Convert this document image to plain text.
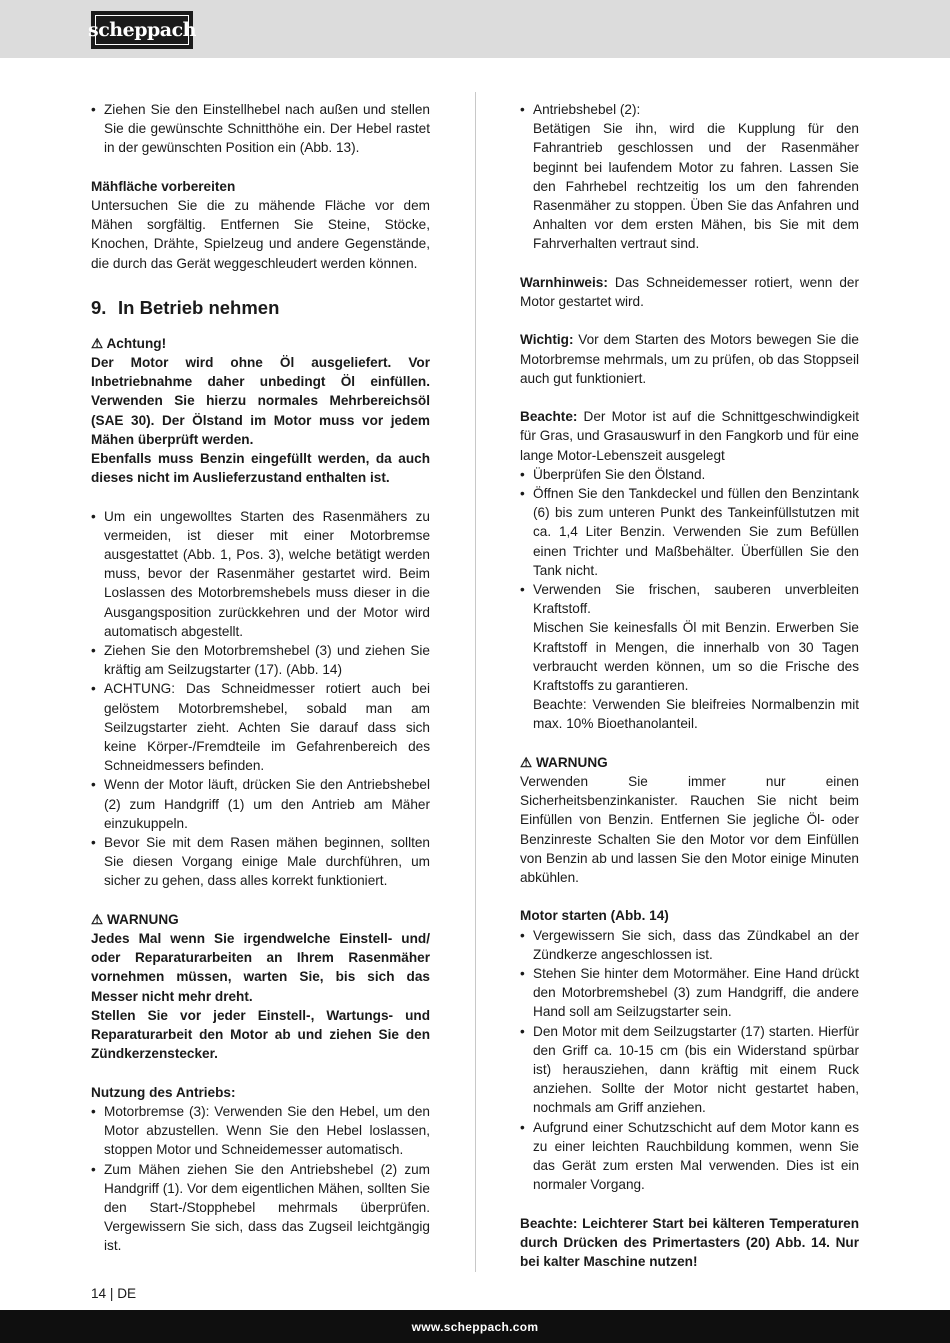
scheppach
• Ziehen Sie den Einstellhebel nach außen und stellen Sie die gewünschte Schnitthöhe ein. Der Hebel rastet in der gewünschten Position ein (Abb. 13).

Mähfläche vorbereiten

Untersuchen Sie die zu mähende Fläche vor dem Mähen sorgfältig. Entfernen Sie Steine, Stöcke, Knochen, Drähte, Spielzeug und andere Gegenstände, die durch das Gerät weggeschleudert werden können.

9. In Betrieb nehmen

⚠ Achtung!

Der Motor wird ohne Öl ausgeliefert. Vor Inbetriebnahme daher unbedingt Öl einfüllen. Verwenden Sie hierzu normales Mehrbereichsöl (SAE 30). Der Ölstand im Motor muss vor jedem Mähen überprüft werden.

Ebenfalls muss Benzin eingefüllt werden, da auch dieses nicht im Auslieferzustand enthalten ist.

• Um ein ungewolltes Starten des Rasenmähers zu vermeiden, ist dieser mit einer Motorbremse ausgestattet (Abb. 1, Pos. 3), welche betätigt werden muss, bevor der Rasenmäher gestartet wird. Beim Loslassen des Motorbremshebels muss dieser in die Ausgangsposition zurückkehren und der Motor wird automatisch abgestellt.
• Ziehen Sie den Motorbremshebel (3) und ziehen Sie kräftig am Seilzugstarter (17). (Abb. 14)
• ACHTUNG: Das Schneidmesser rotiert auch bei gelöstem Motorbremshebel, sobald man am Seilzugstarter zieht. Achten Sie darauf dass sich keine Körper-/Fremdteile im Gefahrenbereich des Schneidmessers befinden.
• Wenn der Motor läuft, drücken Sie den Antriebshebel (2) zum Handgriff (1) um den Antrieb am Mäher einzukuppeln.
• Bevor Sie mit dem Rasen mähen beginnen, sollten Sie diesen Vorgang einige Male durchführen, um sicher zu gehen, dass alles korrekt funktioniert.

⚠ WARNUNG

Jedes Mal wenn Sie irgendwelche Einstell- und/ oder Reparaturarbeiten an Ihrem Rasenmäher vornehmen müssen, warten Sie, bis sich das Messer nicht mehr dreht.

Stellen Sie vor jeder Einstell-, Wartungs- und Reparaturarbeit den Motor ab und ziehen Sie den Zündkerzenstecker.

Nutzung des Antriebs:

• Motorbremse (3): Verwenden Sie den Hebel, um den Motor abzustellen. Wenn Sie den Hebel loslassen, stoppen Motor und Schneidemesser automatisch.
• Zum Mähen ziehen Sie den Antriebshebel (2) zum Handgriff (1). Vor dem eigentlichen Mähen, sollten Sie den Start-/Stopphebel mehrmals überprüfen. Vergewissern Sie sich, dass das Zugseil leichtgängig ist.
• Antriebshebel (2):
Betätigen Sie ihn, wird die Kupplung für den Fahrantrieb geschlossen und der Rasenmäher beginnt bei laufendem Motor zu fahren. Lassen Sie den Fahrhebel rechtzeitig los um den fahrenden Rasenmäher zu stoppen. Üben Sie das Anfahren und Anhalten vor dem ersten Mähen, bis Sie mit dem Fahrverhalten vertraut sind.

Warnhinweis: Das Schneidemesser rotiert, wenn der Motor gestartet wird.

Wichtig: Vor dem Starten des Motors bewegen Sie die Motorbremse mehrmals, um zu prüfen, ob das Stoppseil auch gut funktioniert.

Beachte: Der Motor ist auf die Schnittgeschwindigkeit für Gras, und Grasauswurf in den Fangkorb und für eine lange Motor-Lebenszeit ausgelegt

• Überprüfen Sie den Ölstand.
• Öffnen Sie den Tankdeckel und füllen den Benzintank (6) bis zum unteren Punkt des Tankeinfüllstutzen mit ca. 1,4 Liter Benzin. Verwenden Sie zum Befüllen einen Trichter und Maßbehälter. Überfüllen Sie den Tank nicht.
• Verwenden Sie frischen, sauberen unverbleiten Kraftstoff.
Mischen Sie keinesfalls Öl mit Benzin. Erwerben Sie Kraftstoff in Mengen, die innerhalb von 30 Tagen verbraucht werden können, um so die Frische des Kraftstoffs zu garantieren.
Beachte: Verwenden Sie bleifreies Normalbenzin mit max. 10% Bioethanolanteil.

⚠ WARNUNG

Verwenden Sie immer nur einen Sicherheitsbenzinkanister. Rauchen Sie nicht beim Einfüllen von Benzin. Entfernen Sie jegliche Öl- oder Benzinreste Schalten Sie den Motor vor dem Einfüllen von Benzin ab und lassen Sie den Motor einige Minuten abkühlen.

Motor starten (Abb. 14)

• Vergewissern Sie sich, dass das Zündkabel an der Zündkerze angeschlossen ist.
• Stehen Sie hinter dem Motormäher. Eine Hand drückt den Motorbremshebel (3) zum Handgriff, die andere Hand soll am Seilzugstarter sein.
• Den Motor mit dem Seilzugstarter (17) starten. Hierfür den Griff ca. 10-15 cm (bis ein Widerstand spürbar ist) herausziehen, dann kräftig mit einem Ruck anziehen. Sollte der Motor nicht gestartet haben, nochmals am Griff anziehen.
• Aufgrund einer Schutzschicht auf dem Motor kann es zu einer leichten Rauchbildung kommen, wenn Sie das Gerät zum ersten Mal verwenden. Dies ist ein normaler Vorgang.

Beachte: Leichterer Start bei kälteren Temperaturen durch Drücken des Primertasters (20) Abb. 14. Nur bei kalter Maschine nutzen!

14 | DE
www.scheppach.com
